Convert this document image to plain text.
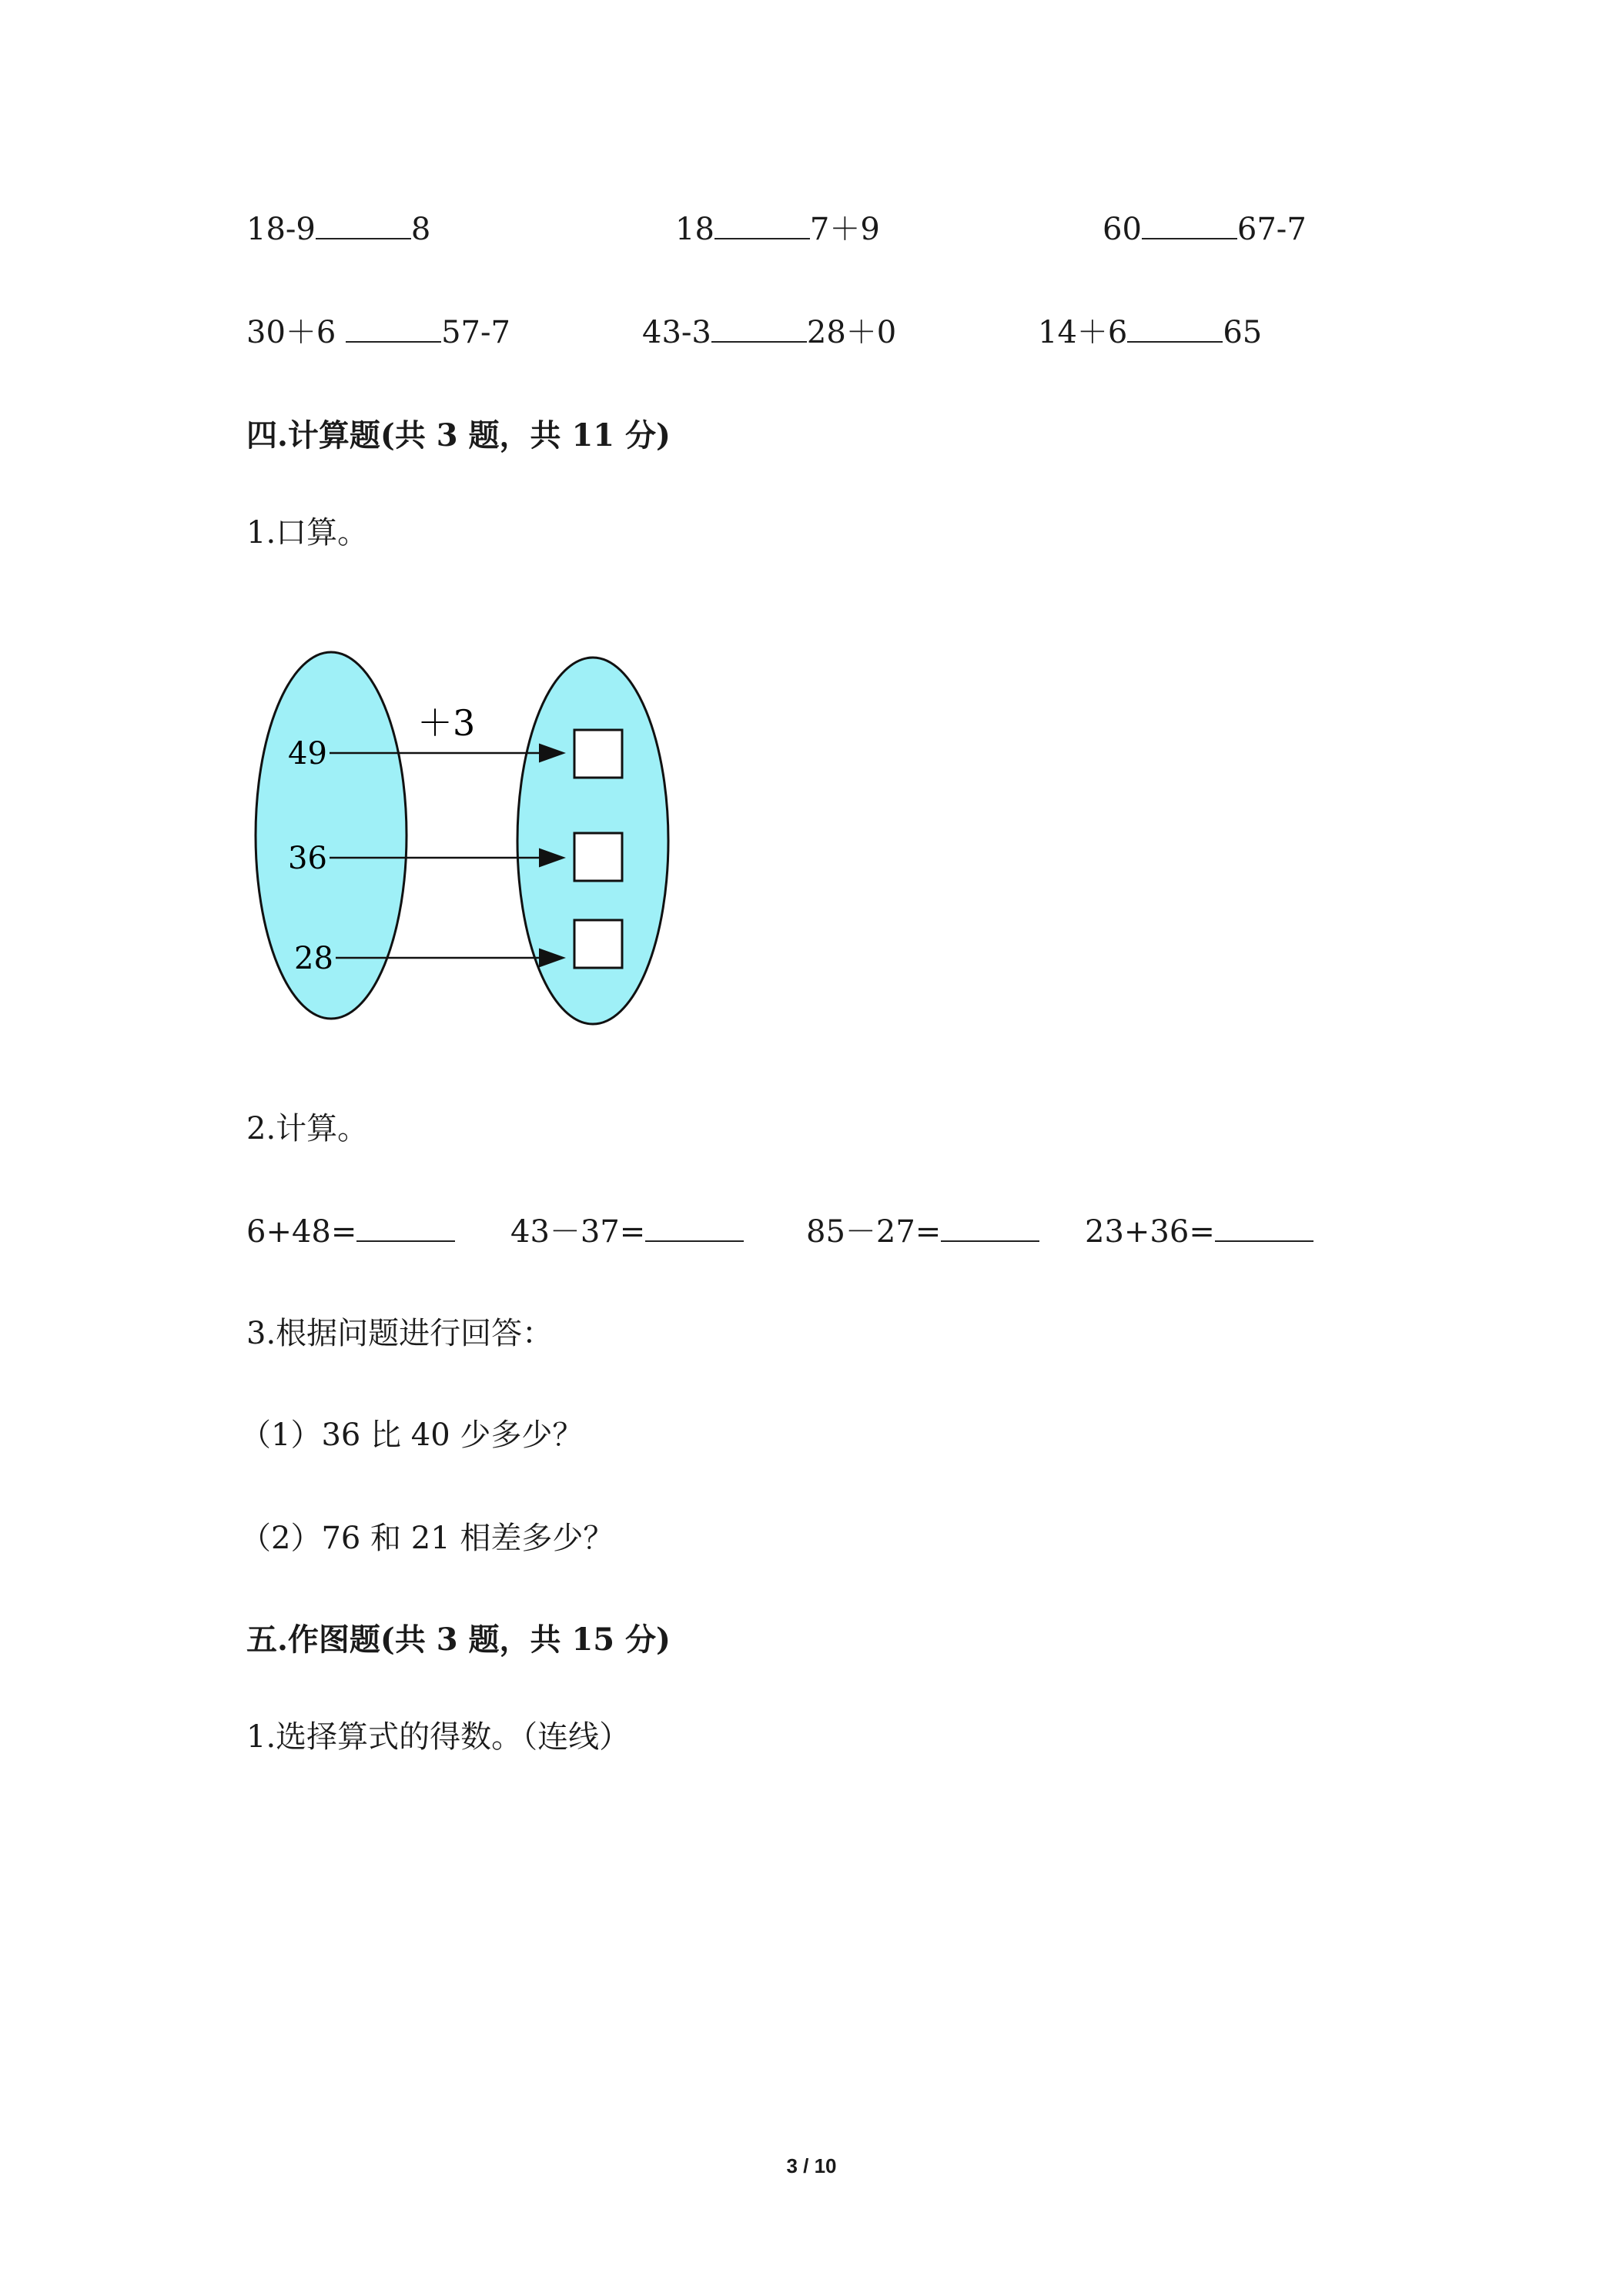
18-9	8	18	7＋9	60	67-7
30＋6	57-7	43-3	28＋0	14＋6	65
四.计算题(共 3 题，共 11 分)
1.口算。
＋3
49
36
28
2.计算。
6+48=	43－37=	85－27=	23+36=
3.根据问题进行回答：
（1）36 比 40 少多少？
（2）76 和 21 相差多少？
五.作图题(共 3 题，共 15 分)
1.选择算式的得数。（连线）
3 / 10
